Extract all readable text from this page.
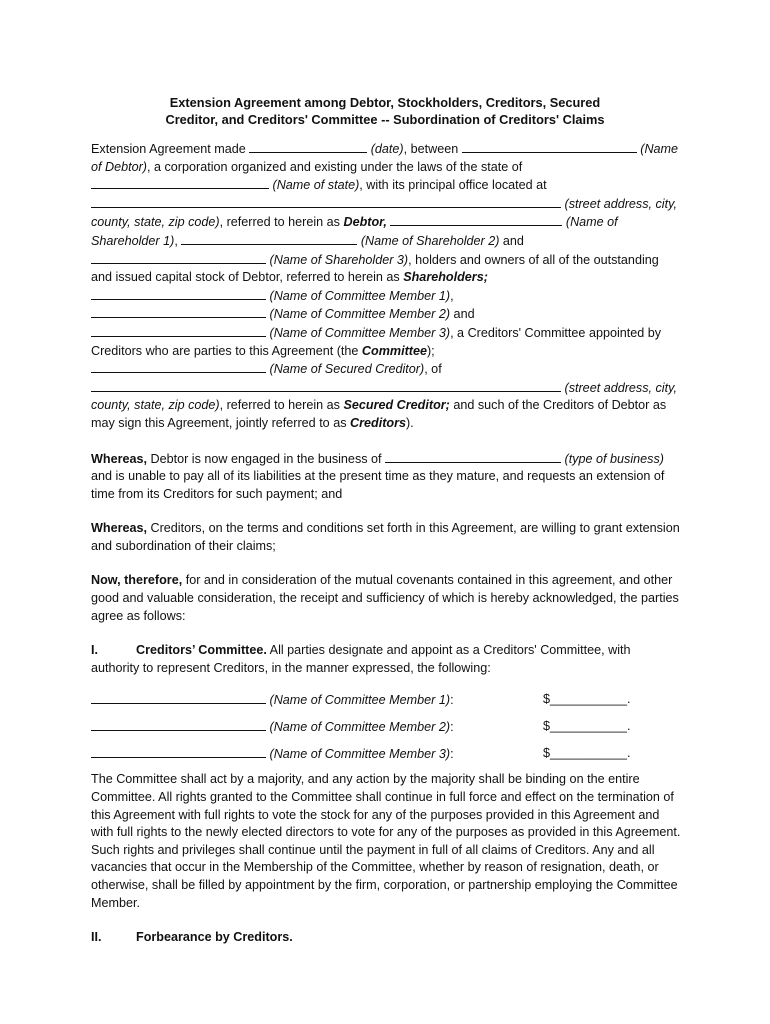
Extension Agreement among Debtor, Stockholders, Creditors, Secured
Creditor, and Creditors' Committee -- Subordination of Creditors' Claims

Extension Agreement made	(date), between	(Name of Debtor), a corporation organized and existing under the laws of the state of  (Name of state), with its principal office located at  (street address, city, county, state, zip code), referred to herein as Debtor,	(Name of Shareholder 1),	(Name of Shareholder 2) and  (Name of Shareholder 3), holders and owners of all of the outstanding and issued capital stock of Debtor, referred to herein as Shareholders;
(Name of Committee Member 1),
(Name of Committee Member 2) and
(Name of Committee Member 3), a Creditors' Committee appointed by Creditors who are parties to this Agreement (the Committee);
(Name of Secured Creditor), of
(street address, city, county, state, zip code), referred to herein as Secured Creditor; and such of the Creditors of Debtor as may sign this Agreement, jointly referred to as Creditors).

Whereas, Debtor is now engaged in the business of	(type of business) and is unable to pay all of its liabilities at the present time as they mature, and requests an extension of time from its Creditors for such payment; and

Whereas, Creditors, on the terms and conditions set forth in this Agreement, are willing to grant extension and subordination of their claims;

Now, therefore, for and in consideration of the mutual covenants contained in this agreement, and other good and valuable consideration, the receipt and sufficiency of which is hereby acknowledged, the parties agree as follows:

I.	Creditors’ Committee. All parties designate and appoint as a Creditors' Committee, with authority to represent Creditors, in the manner expressed, the following:

(Name of Committee Member 1):	$___________.
(Name of Committee Member 2):	$___________.
(Name of Committee Member 3):	$___________.

The Committee shall act by a majority, and any action by the majority shall be binding on the entire Committee. All rights granted to the Committee shall continue in full force and effect on the termination of this Agreement with full rights to vote the stock for any of the purposes provided in this Agreement and with full rights to the newly elected directors to vote for any of the purposes as provided in this Agreement. Such rights and privileges shall continue until the payment in full of all claims of Creditors. Any and all vacancies that occur in the Membership of the Committee, whether by reason of resignation, death, or otherwise, shall be filled by appointment by the firm, corporation, or partnership employing the Committee Member.

II.	Forbearance by Creditors.
